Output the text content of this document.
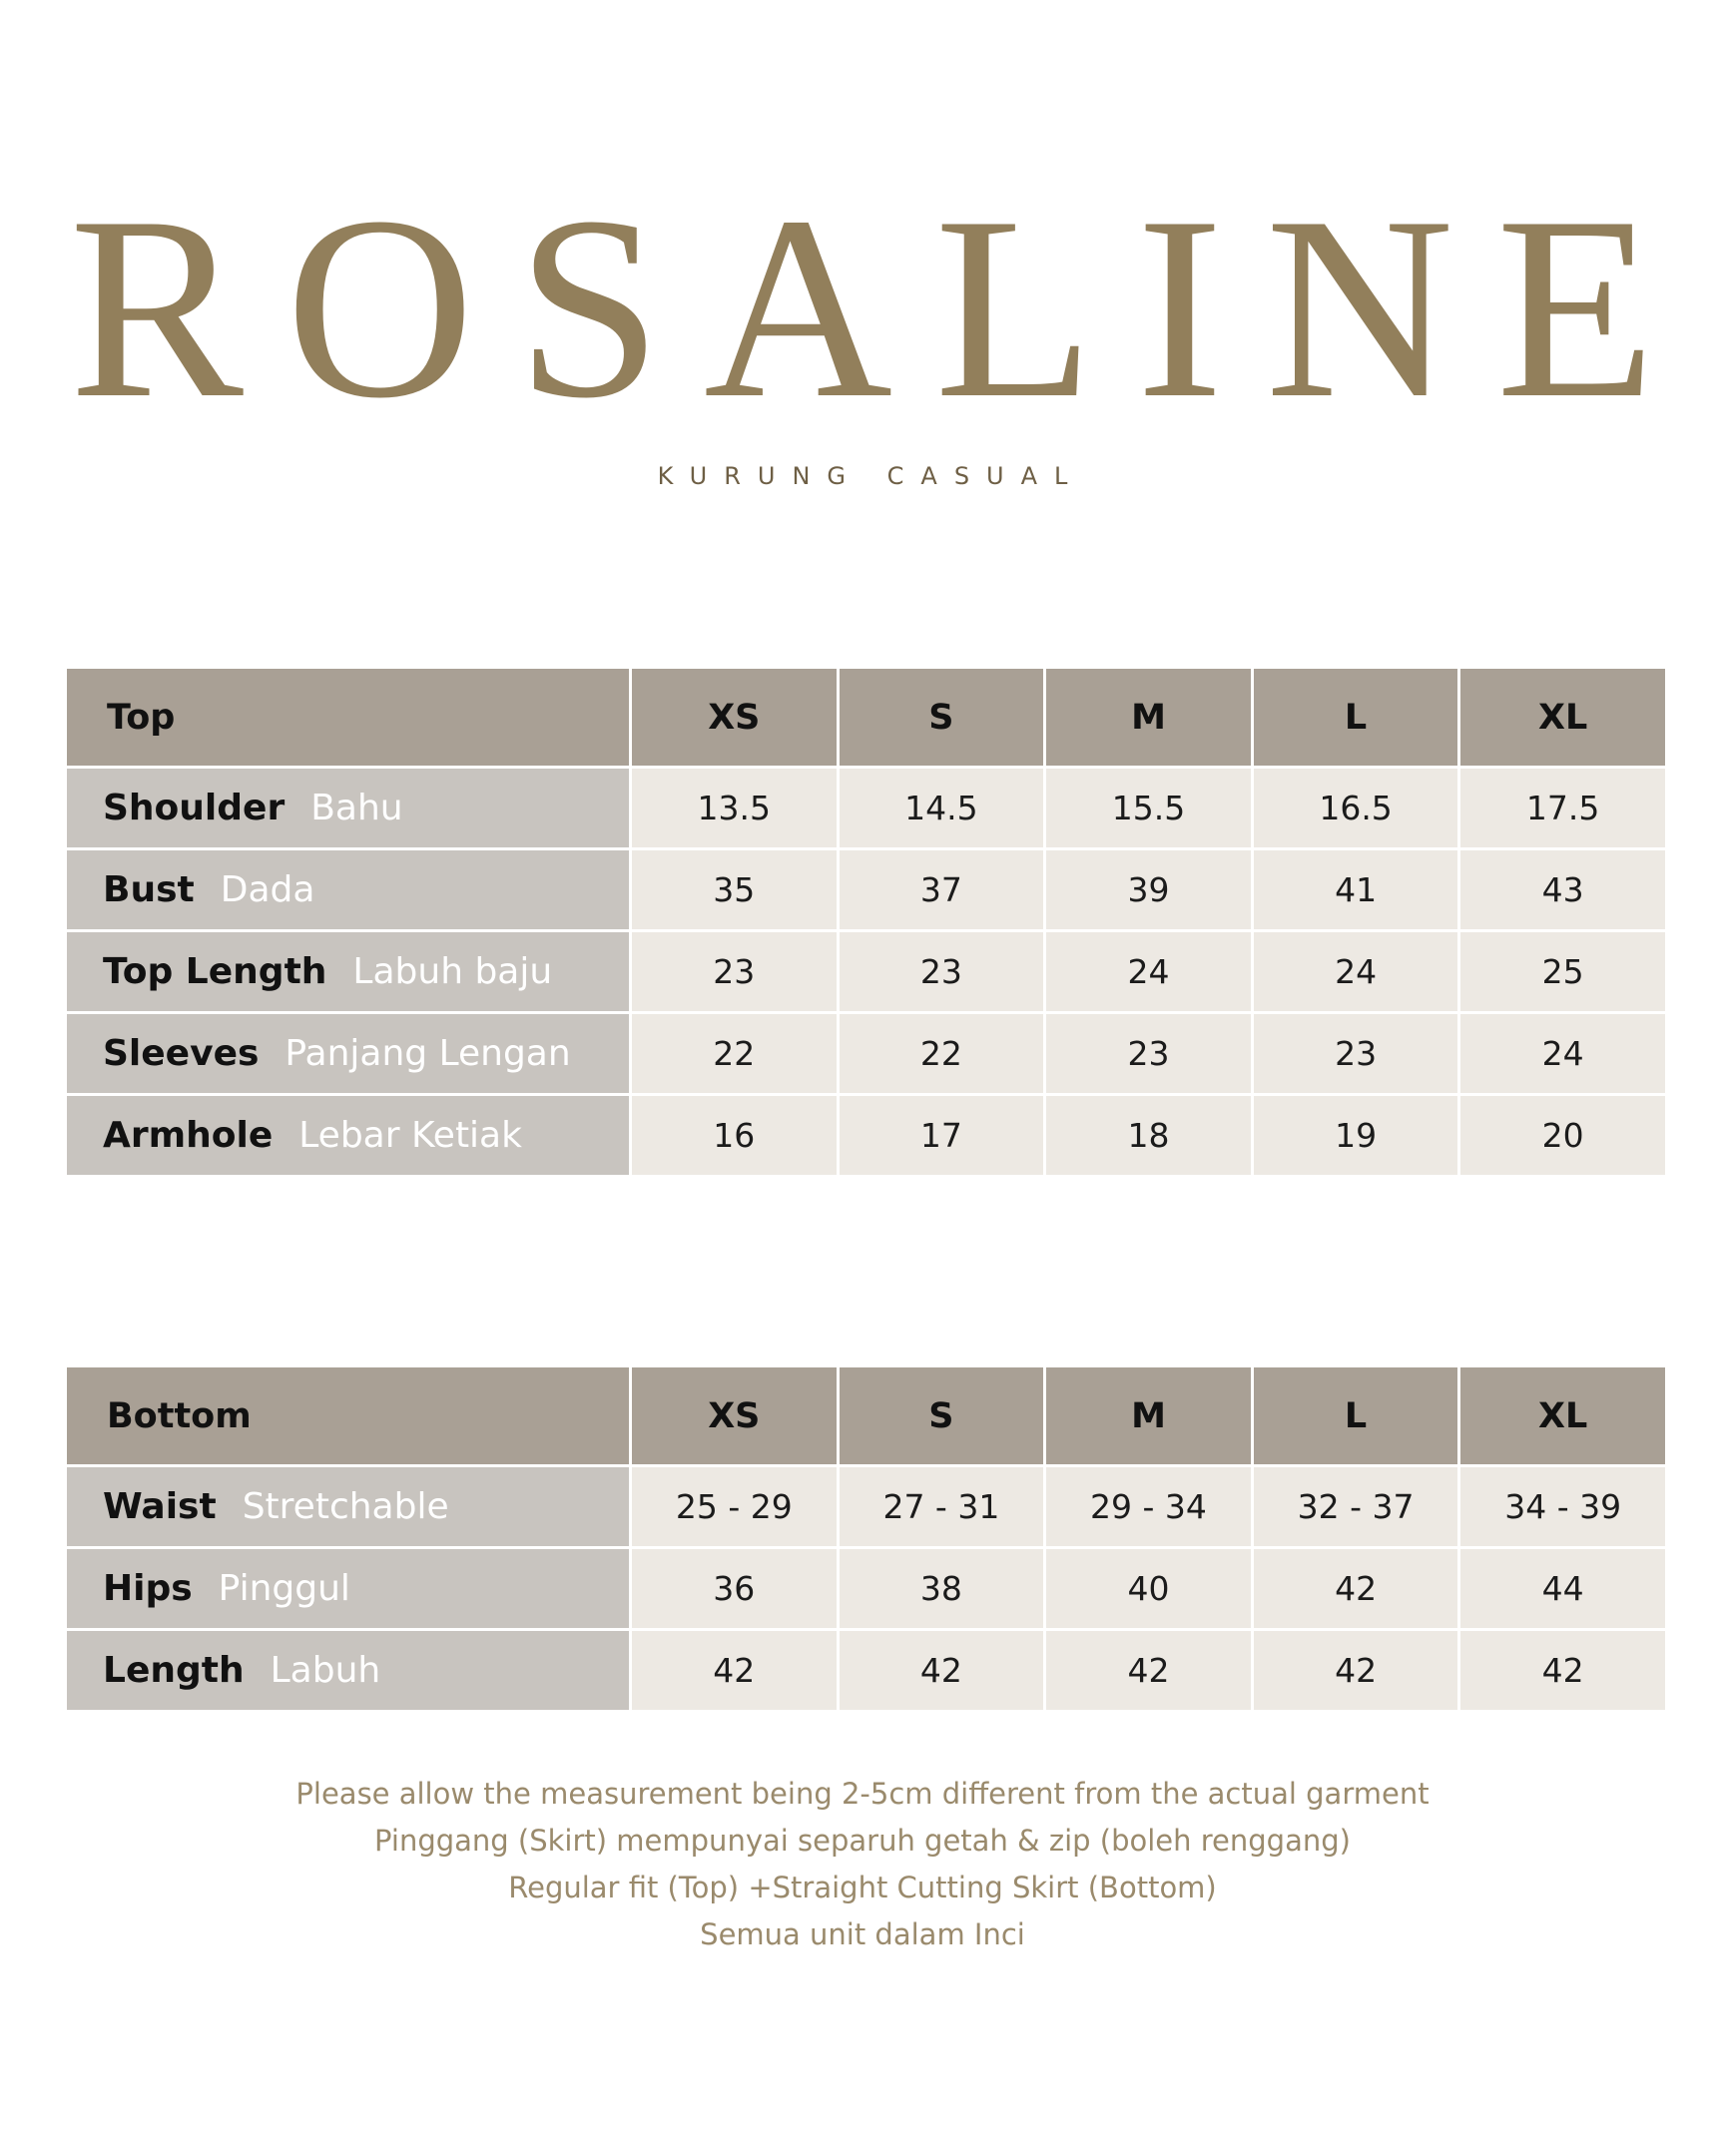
ROSALINE
KURUNG CASUAL
Top	XS	S	M	L	XL
Shoulder Bahu	13.5	14.5	15.5	16.5	17.5
Bust Dada	35	37	39	41	43
Top Length Labuh baju	23	23	24	24	25
Sleeves Panjang Lengan	22	22	23	23	24
Armhole Lebar Ketiak	16	17	18	19	20
Bottom	XS	S	M	L	XL
Waist Stretchable	25 - 29	27 - 31	29 - 34	32 - 37	34 - 39
Hips Pinggul	36	38	40	42	44
Length Labuh	42	42	42	42	42
Please allow the measurement being 2-5cm different from the actual garment
Pinggang (Skirt) mempunyai separuh getah & zip (boleh renggang)
Regular fit (Top) +Straight Cutting Skirt (Bottom)
Semua unit dalam Inci
